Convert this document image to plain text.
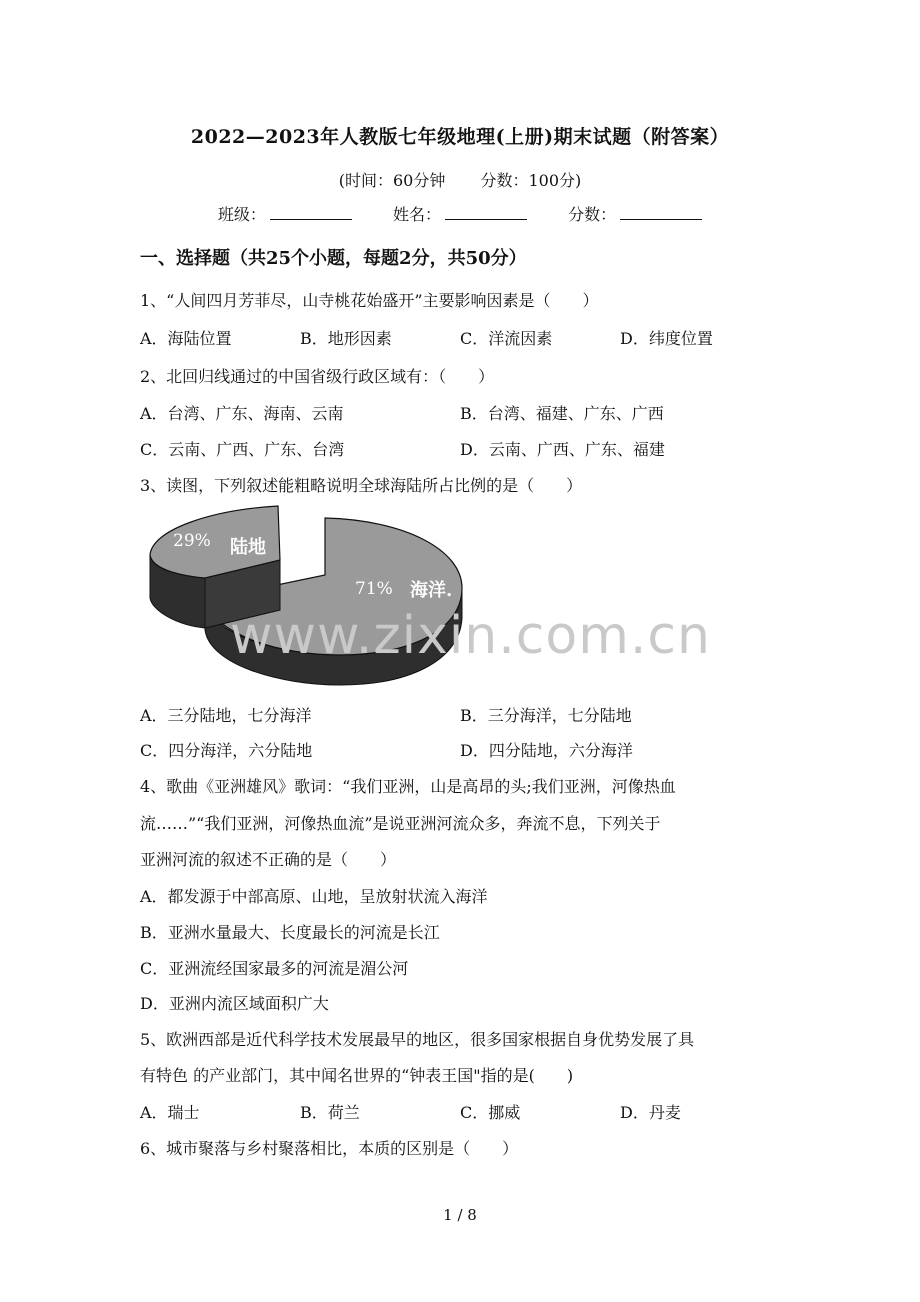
2022—2023年人教版七年级地理(上册)期末试题（附答案）
(时间：60分钟 分数：100分)
班级：	姓名：	分数：
一、选择题（共25个小题，每题2分，共50分）
1、“人间四月芳菲尽，山寺桃花始盛开”主要影响因素是（　　）
A．海陆位置	B．地形因素	C．洋流因素	D．纬度位置
2、北回归线通过的中国省级行政区域有：（　　）
A．台湾、广东、海南、云南	B．台湾、福建、广东、广西
C．云南、广西、广东、台湾	D．云南、广西、广东、福建
3、读图，下列叙述能粗略说明全球海陆所占比例的是（　　）
29% 陆地
71% 海洋.
www.zixin.com.cn
A．三分陆地，七分海洋	B．三分海洋，七分陆地
C．四分海洋，六分陆地	D．四分陆地，六分海洋
4、歌曲《亚洲雄风》歌词：“我们亚洲，山是高昂的头;我们亚洲，河像热血
流……”“我们亚洲，河像热血流”是说亚洲河流众多，奔流不息，下列关于
亚洲河流的叙述不正确的是（　　）
A．都发源于中部高原、山地，呈放射状流入海洋
B．亚洲水量最大、长度最长的河流是长江
C．亚洲流经国家最多的河流是湄公河
D．亚洲内流区域面积广大
5、欧洲西部是近代科学技术发展最早的地区，很多国家根据自身优势发展了具
有特色 的产业部门，其中闻名世界的“钟表王国"指的是(　　)
A．瑞士	B．荷兰	C．挪威	D．丹麦
6、城市聚落与乡村聚落相比，本质的区别是（　　）
1 / 8
